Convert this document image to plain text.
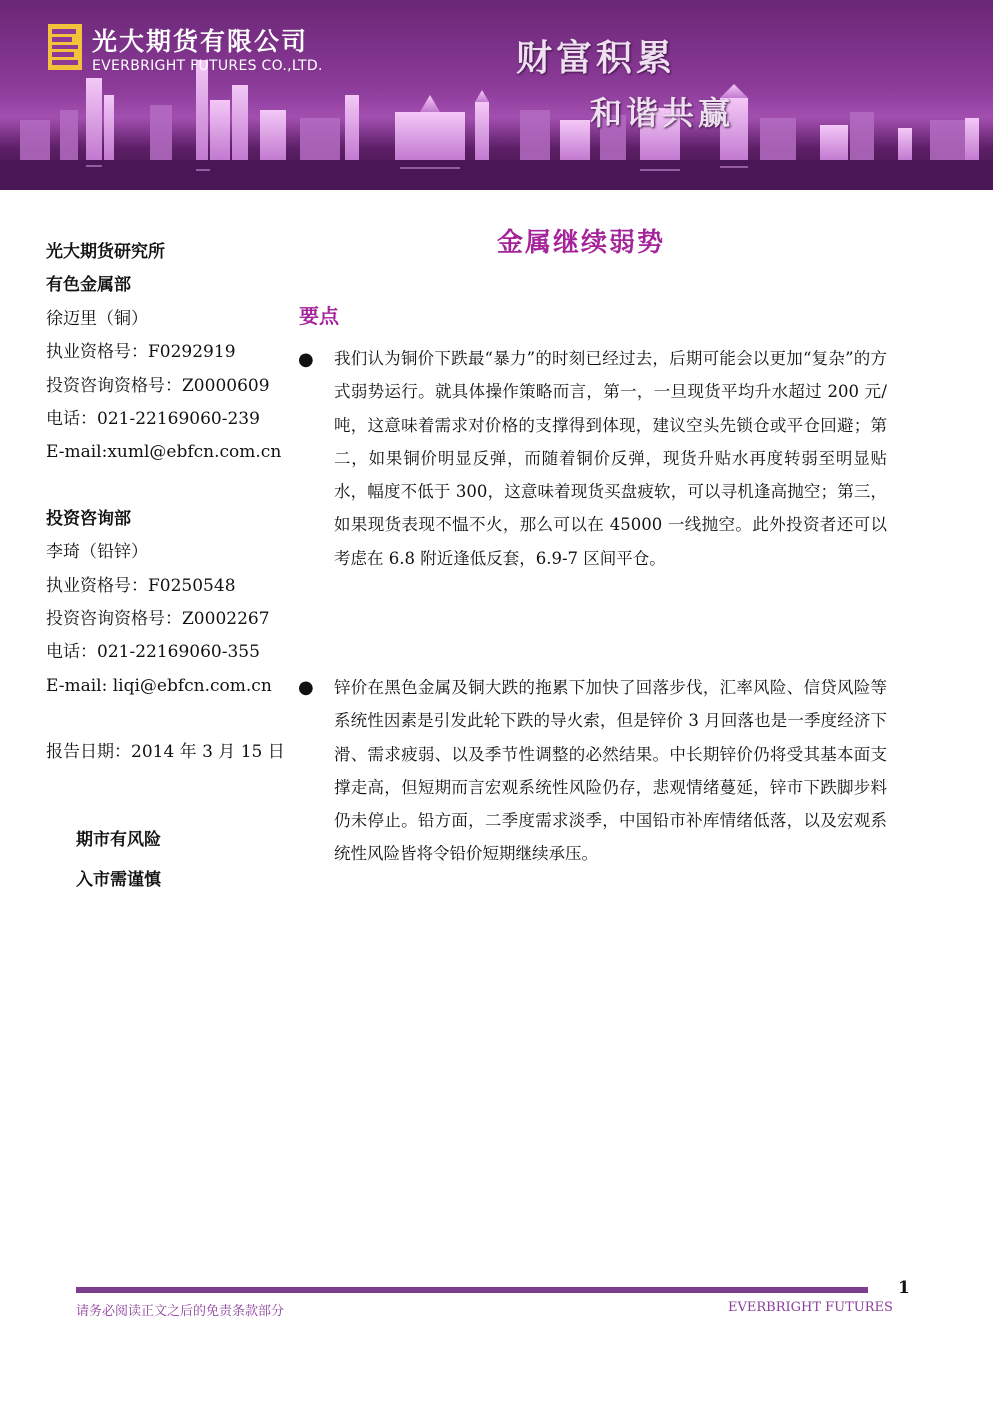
光大期货有限公司
EVERBRIGHT FUTURES CO.,LTD.	财富积累
和谐共赢
光大期货研究所
有色金属部
徐迈里（铜）
执业资格号：F0292919
投资咨询资格号：Z0000609
电话：021-22169060-239
E-mail:xuml@ebfcn.com.cn
投资咨询部
李琦（铅锌）
执业资格号：F0250548
投资咨询资格号：Z0002267
电话：021-22169060-355
E-mail: liqi@ebfcn.com.cn
报告日期：2014 年 3 月 15 日
期市有风险
入市需谨慎
金属继续弱势
要点
● 我们认为铜价下跌最“暴力”的时刻已经过去，后期可能会以更加“复杂”的方式弱势运行。就具体操作策略而言，第一，一旦现货平均升水超过 200 元/吨，这意味着需求对价格的支撑得到体现，建议空头先锁仓或平仓回避；第二，如果铜价明显反弹，而随着铜价反弹，现货升贴水再度转弱至明显贴水，幅度不低于 300，这意味着现货买盘疲软，可以寻机逢高抛空；第三，如果现货表现不愠不火，那么可以在 45000 一线抛空。此外投资者还可以考虑在 6.8 附近逢低反套，6.9-7 区间平仓。
● 锌价在黑色金属及铜大跌的拖累下加快了回落步伐，汇率风险、信贷风险等系统性因素是引发此轮下跌的导火索，但是锌价 3 月回落也是一季度经济下滑、需求疲弱、以及季节性调整的必然结果。中长期锌价仍将受其基本面支撑走高，但短期而言宏观系统性风险仍存，悲观情绪蔓延，锌市下跌脚步料仍未停止。铅方面，二季度需求淡季，中国铅市补库情绪低落，以及宏观系统性风险皆将令铅价短期继续承压。
1
请务必阅读正文之后的免责条款部分	EVERBRIGHT FUTURES
